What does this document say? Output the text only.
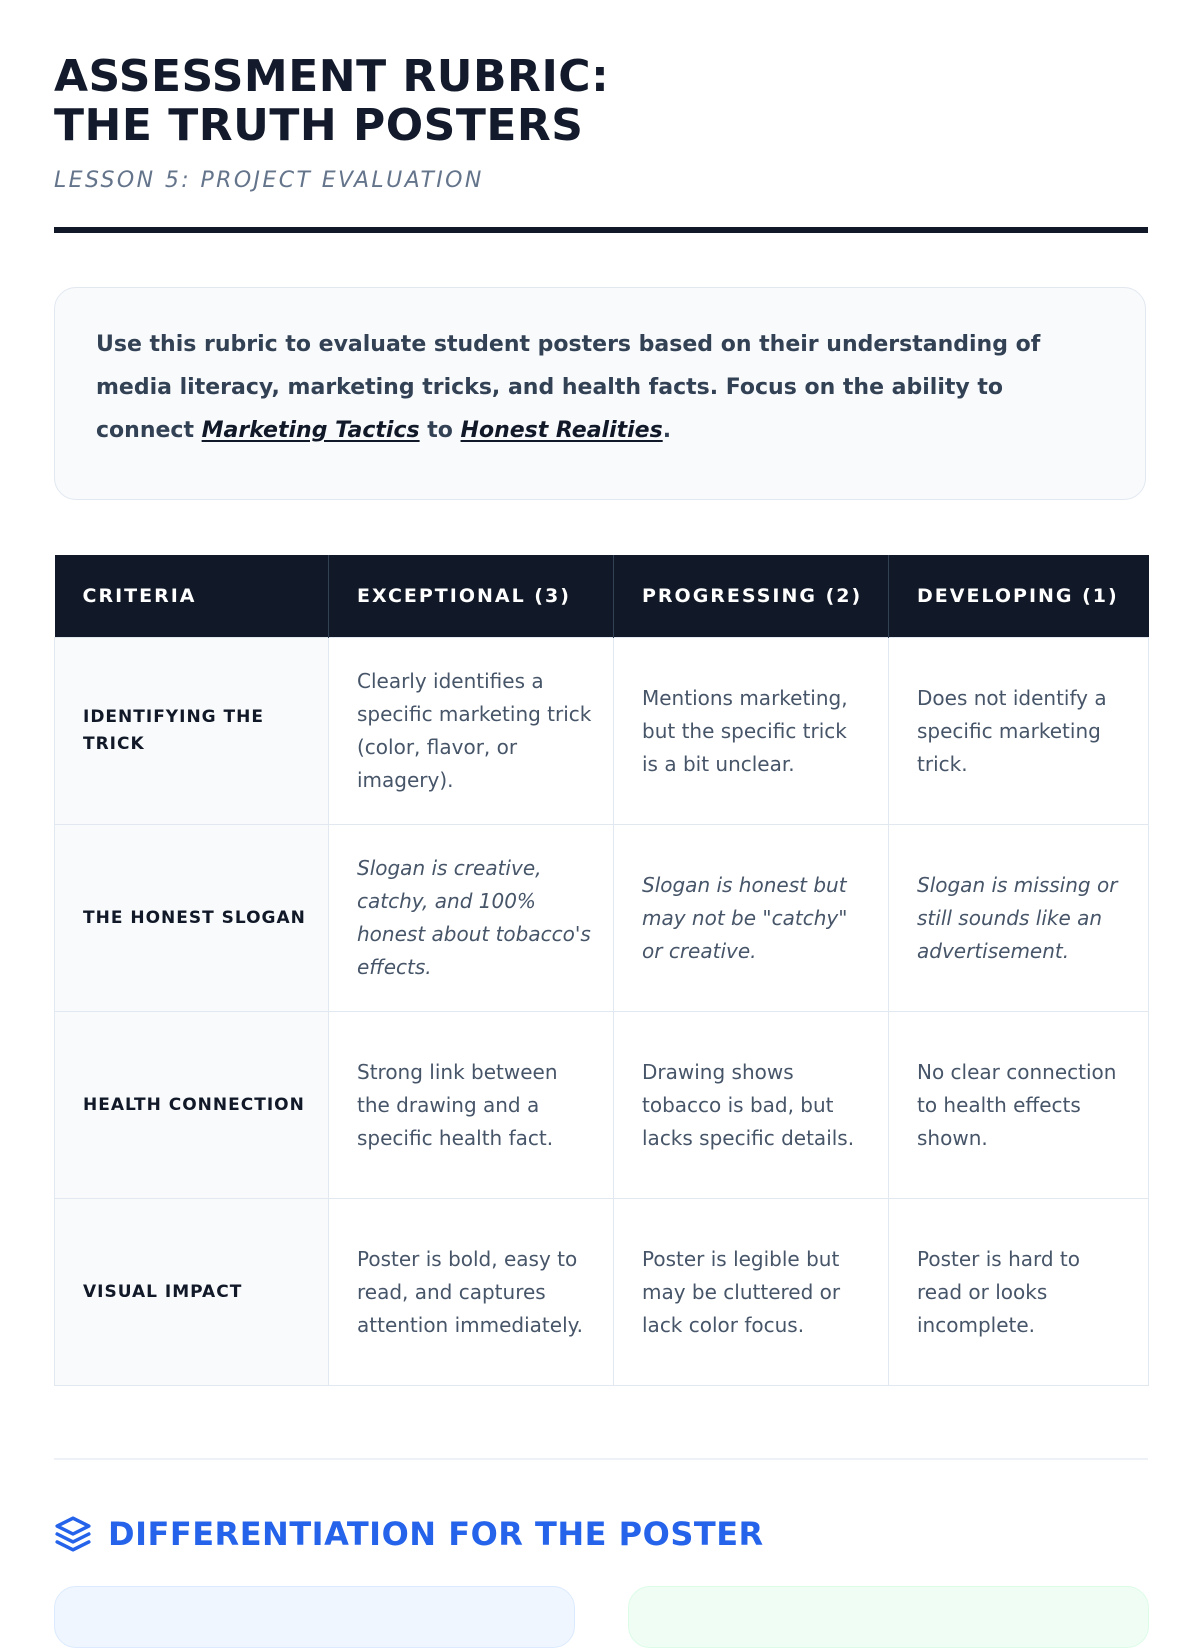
ASSESSMENT RUBRIC:
THE TRUTH POSTERS
LESSON 5: PROJECT EVALUATION

Use this rubric to evaluate student posters based on their understanding of media literacy, marketing tricks, and health facts. Focus on the ability to connect Marketing Tactics to Honest Realities.

CRITERIA	EXCEPTIONAL (3)	PROGRESSING (2)	DEVELOPING (1)
IDENTIFYING THE TRICK	Clearly identifies a specific marketing trick (color, flavor, or imagery).	Mentions marketing, but the specific trick is a bit unclear.	Does not identify a specific marketing trick.
THE HONEST SLOGAN	Slogan is creative, catchy, and 100% honest about tobacco's effects.	Slogan is honest but may not be "catchy" or creative.	Slogan is missing or still sounds like an advertisement.
HEALTH CONNECTION	Strong link between the drawing and a specific health fact.	Drawing shows tobacco is bad, but lacks specific details.	No clear connection to health effects shown.
VISUAL IMPACT	Poster is bold, easy to read, and captures attention immediately.	Poster is legible but may be cluttered or lack color focus.	Poster is hard to read or looks incomplete.
DIFFERENTIATION FOR THE POSTER
